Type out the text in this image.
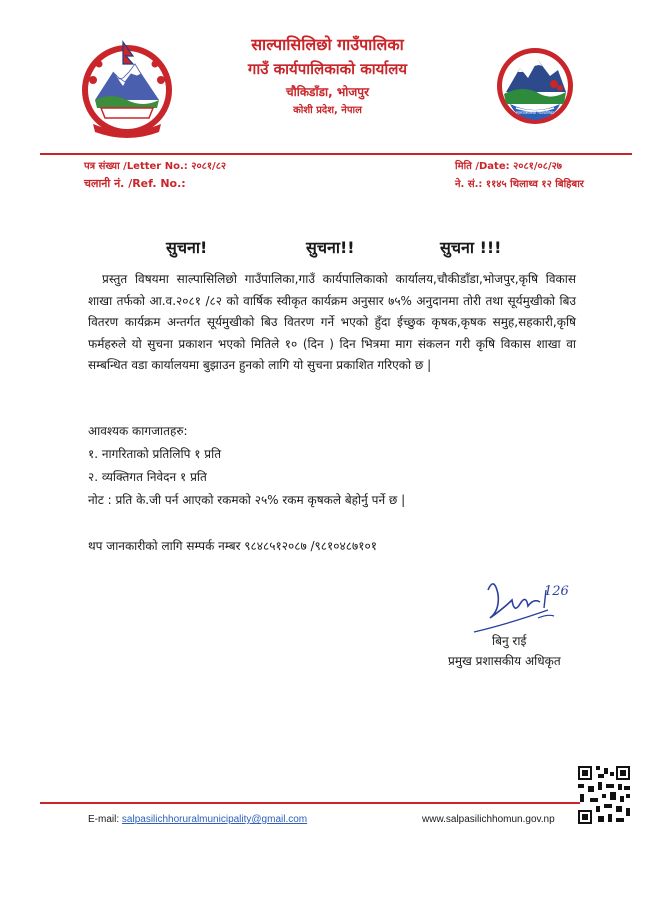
साल्पासिलिछो गाउँपालिका
साल्पासिलिछो गाउँपालिका
गाउँ कार्यपालिकाको कार्यालय
चौकिडाँडा, भोजपुर
कोशी प्रदेश, नेपाल
पत्र संख्या /Letter No.: २०८१/८२
चलानी नं. /Ref. No.:
मिति /Date: २०८१/०८/२७
ने. सं.: ११४५ थिलाथ्व १२ बिहिबार
सुचना!	सुचना!!	सुचना !!!
प्रस्तुत विषयमा साल्पासिलिछो गाउँपालिका,गाउँ कार्यपालिकाको कार्यालय,चौकीडाँडा,भोजपुर,कृषि विकास शाखा तर्फको आ.व.२०८१ /८२ को वार्षिक स्वीकृत कार्यक्रम अनुसार ७५% अनुदानमा तोरी तथा सूर्यमुखीको बिउ वितरण कार्यक्रम अन्तर्गत सूर्यमुखीको बिउ वितरण गर्ने भएको हुँदा ईच्छुक कृषक,कृषक समुह,सहकारी,कृषि फर्महरुले यो सुचना प्रकाशन भएको मितिले १० (दिन ) दिन भित्रमा माग संकलन गरी कृषि विकास शाखा वा सम्बन्धित वडा कार्यालयमा बुझाउन हुनको लागि यो सुचना प्रकाशित गरिएको छ |
आवश्यक कागजातहरु:
१. नागरिताको प्रतिलिपि १ प्रति
२. व्यक्तिगत निवेदन १ प्रति
नोट : प्रति के.जी पर्न आएको रकमको २५% रकम कृषकले बेहोर्नु पर्ने छ |
थप जानकारीको लागि सम्पर्क नम्बर ९८४८५१२०८७ /९८१०४८७१०१
126
बिनु राई
प्रमुख प्रशासकीय अधिकृत
E-mail: salpasilichhoruralmunicipality@gmail.com	www.salpasilichhomun.gov.np
